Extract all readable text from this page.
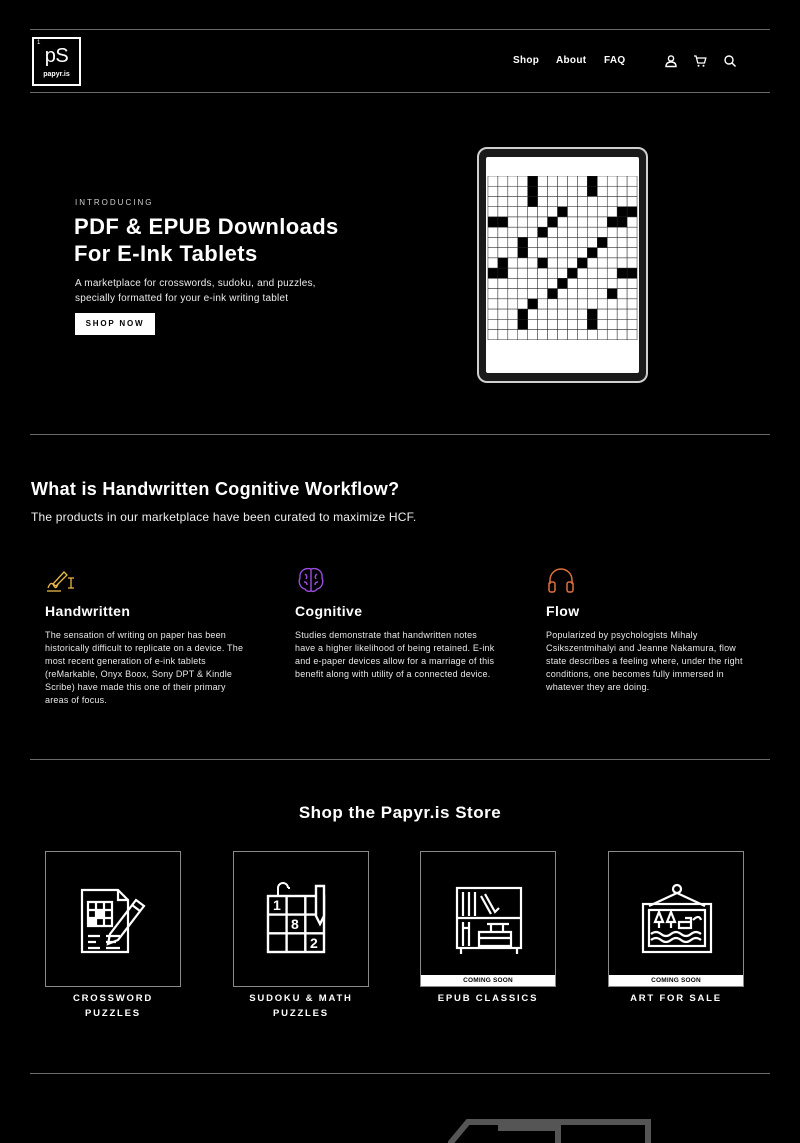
1
pS
papyr.is
Shop About FAQ
INTRODUCING
PDF & EPUB Downloads
For E-Ink Tablets
A marketplace for crosswords, sudoku, and puzzles,
specially formatted for your e-ink writing tablet
SHOP NOW
What is Handwritten Cognitive Workflow?
The products in our marketplace have been curated to maximize HCF.
Handwritten	Cognitive	Flow
The sensation of writing on paper has been historically difficult to replicate on a device. The most recent generation of e-ink tablets (reMarkable, Onyx Boox, Sony DPT & Kindle Scribe) have made this one of their primary areas of focus.
Studies demonstrate that handwritten notes have a higher likelihood of being retained. E-ink and e-paper devices allow for a marriage of this benefit along with utility of a connected device.
Popularized by psychologists Mihaly Csikszentmihalyi and Jeanne Nakamura, flow state describes a feeling where, under the right conditions, one becomes fully immersed in whatever they are doing.
Shop the Papyr.is Store
1
8
2
COMING SOON	COMING SOON
CROSSWORD
PUZZLES
SUDOKU & MATH
PUZZLES
EPUB CLASSICS	ART FOR SALE
